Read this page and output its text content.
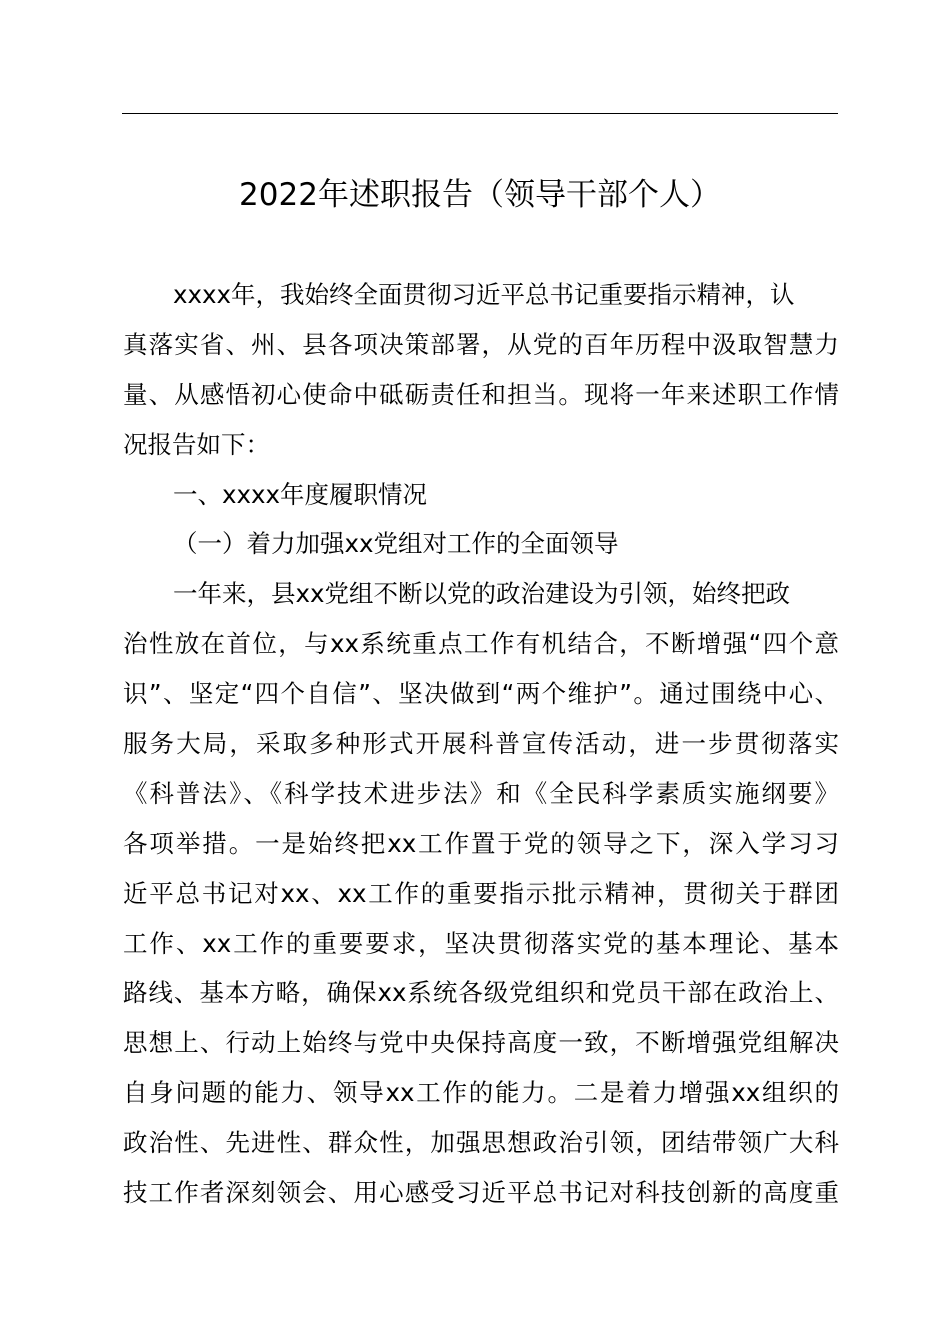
2022年述职报告（领导干部个人）
xxxx年，我始终全面贯彻习近平总书记重要指示精神，认
真落实省、州、县各项决策部署，从党的百年历程中汲取智慧力
量、从感悟初心使命中砥砺责任和担当。现将一年来述职工作情
况报告如下：
一、xxxx年度履职情况
（一）着力加强xx党组对工作的全面领导
一年来，县xx党组不断以党的政治建设为引领，始终把政
治性放在首位，与xx系统重点工作有机结合，不断增强“四个意
识”、坚定“四个自信”、坚决做到“两个维护”。通过围绕中心、
服务大局，采取多种形式开展科普宣传活动，进一步贯彻落实
《科普法》、《科学技术进步法》和《全民科学素质实施纲要》
各项举措。一是始终把xx工作置于党的领导之下，深入学习习
近平总书记对xx、xx工作的重要指示批示精神，贯彻关于群团
工作、xx工作的重要要求，坚决贯彻落实党的基本理论、基本
路线、基本方略，确保xx系统各级党组织和党员干部在政治上、
思想上、行动上始终与党中央保持高度一致，不断增强党组解决
自身问题的能力、领导xx工作的能力。二是着力增强xx组织的
政治性、先进性、群众性，加强思想政治引领，团结带领广大科
技工作者深刻领会、用心感受习近平总书记对科技创新的高度重
